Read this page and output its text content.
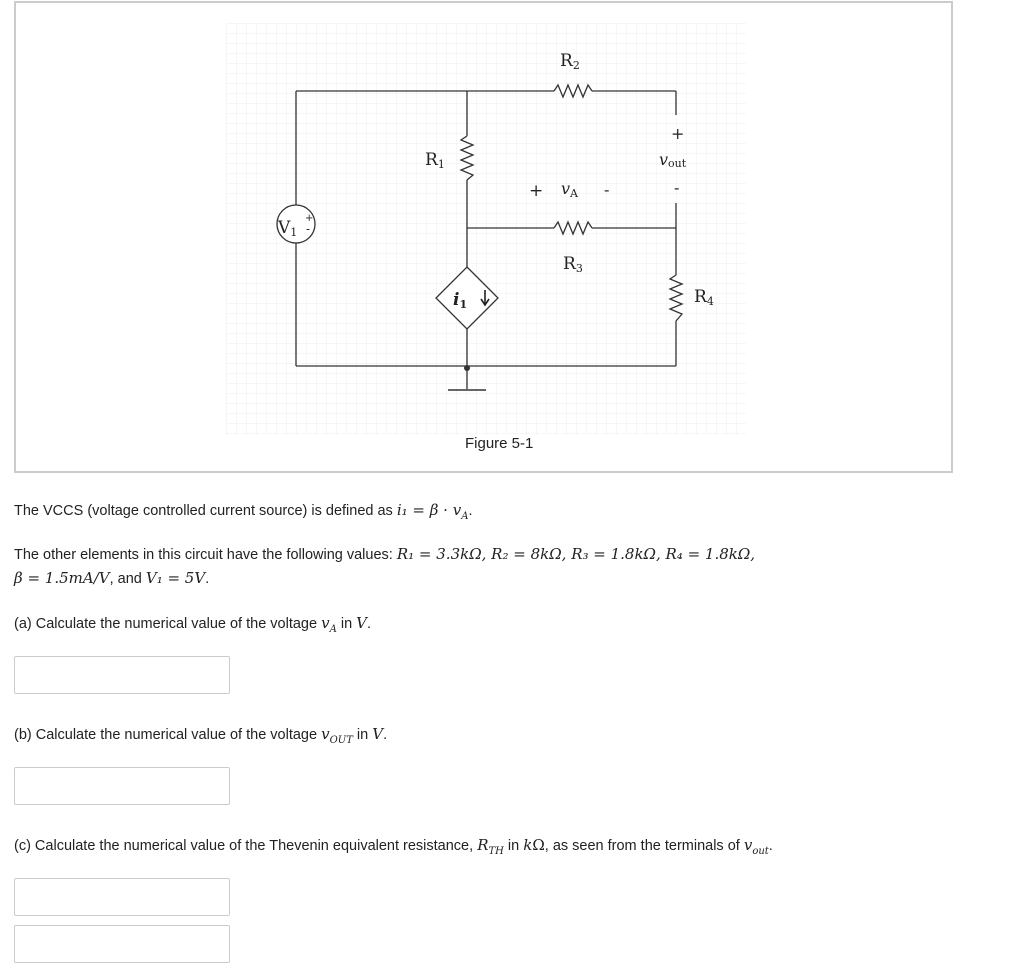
V1
+
-
i1
R1
R2
R3
R4
+
vout
-
+ vA -
Figure 5-1
The VCCS (voltage controlled current source) is defined as $i_1 = \beta \cdot v_A$.
The other elements in this circuit have the following values: R₁ = 3.3kΩ, R₂ = 8kΩ, R₃ = 1.8kΩ, R₄ = 1.8kΩ,
β = 1.5mA/V, and V₁ = 5V.
(a) Calculate the numerical value of the voltage $v_A$ in V.
(b) Calculate the numerical value of the voltage $v_{OUT}$ in V.
(c) Calculate the numerical value of the Thevenin equivalent resistance, $R_{TH}$ in kΩ, as seen from the terminals of $v_{out}$.
